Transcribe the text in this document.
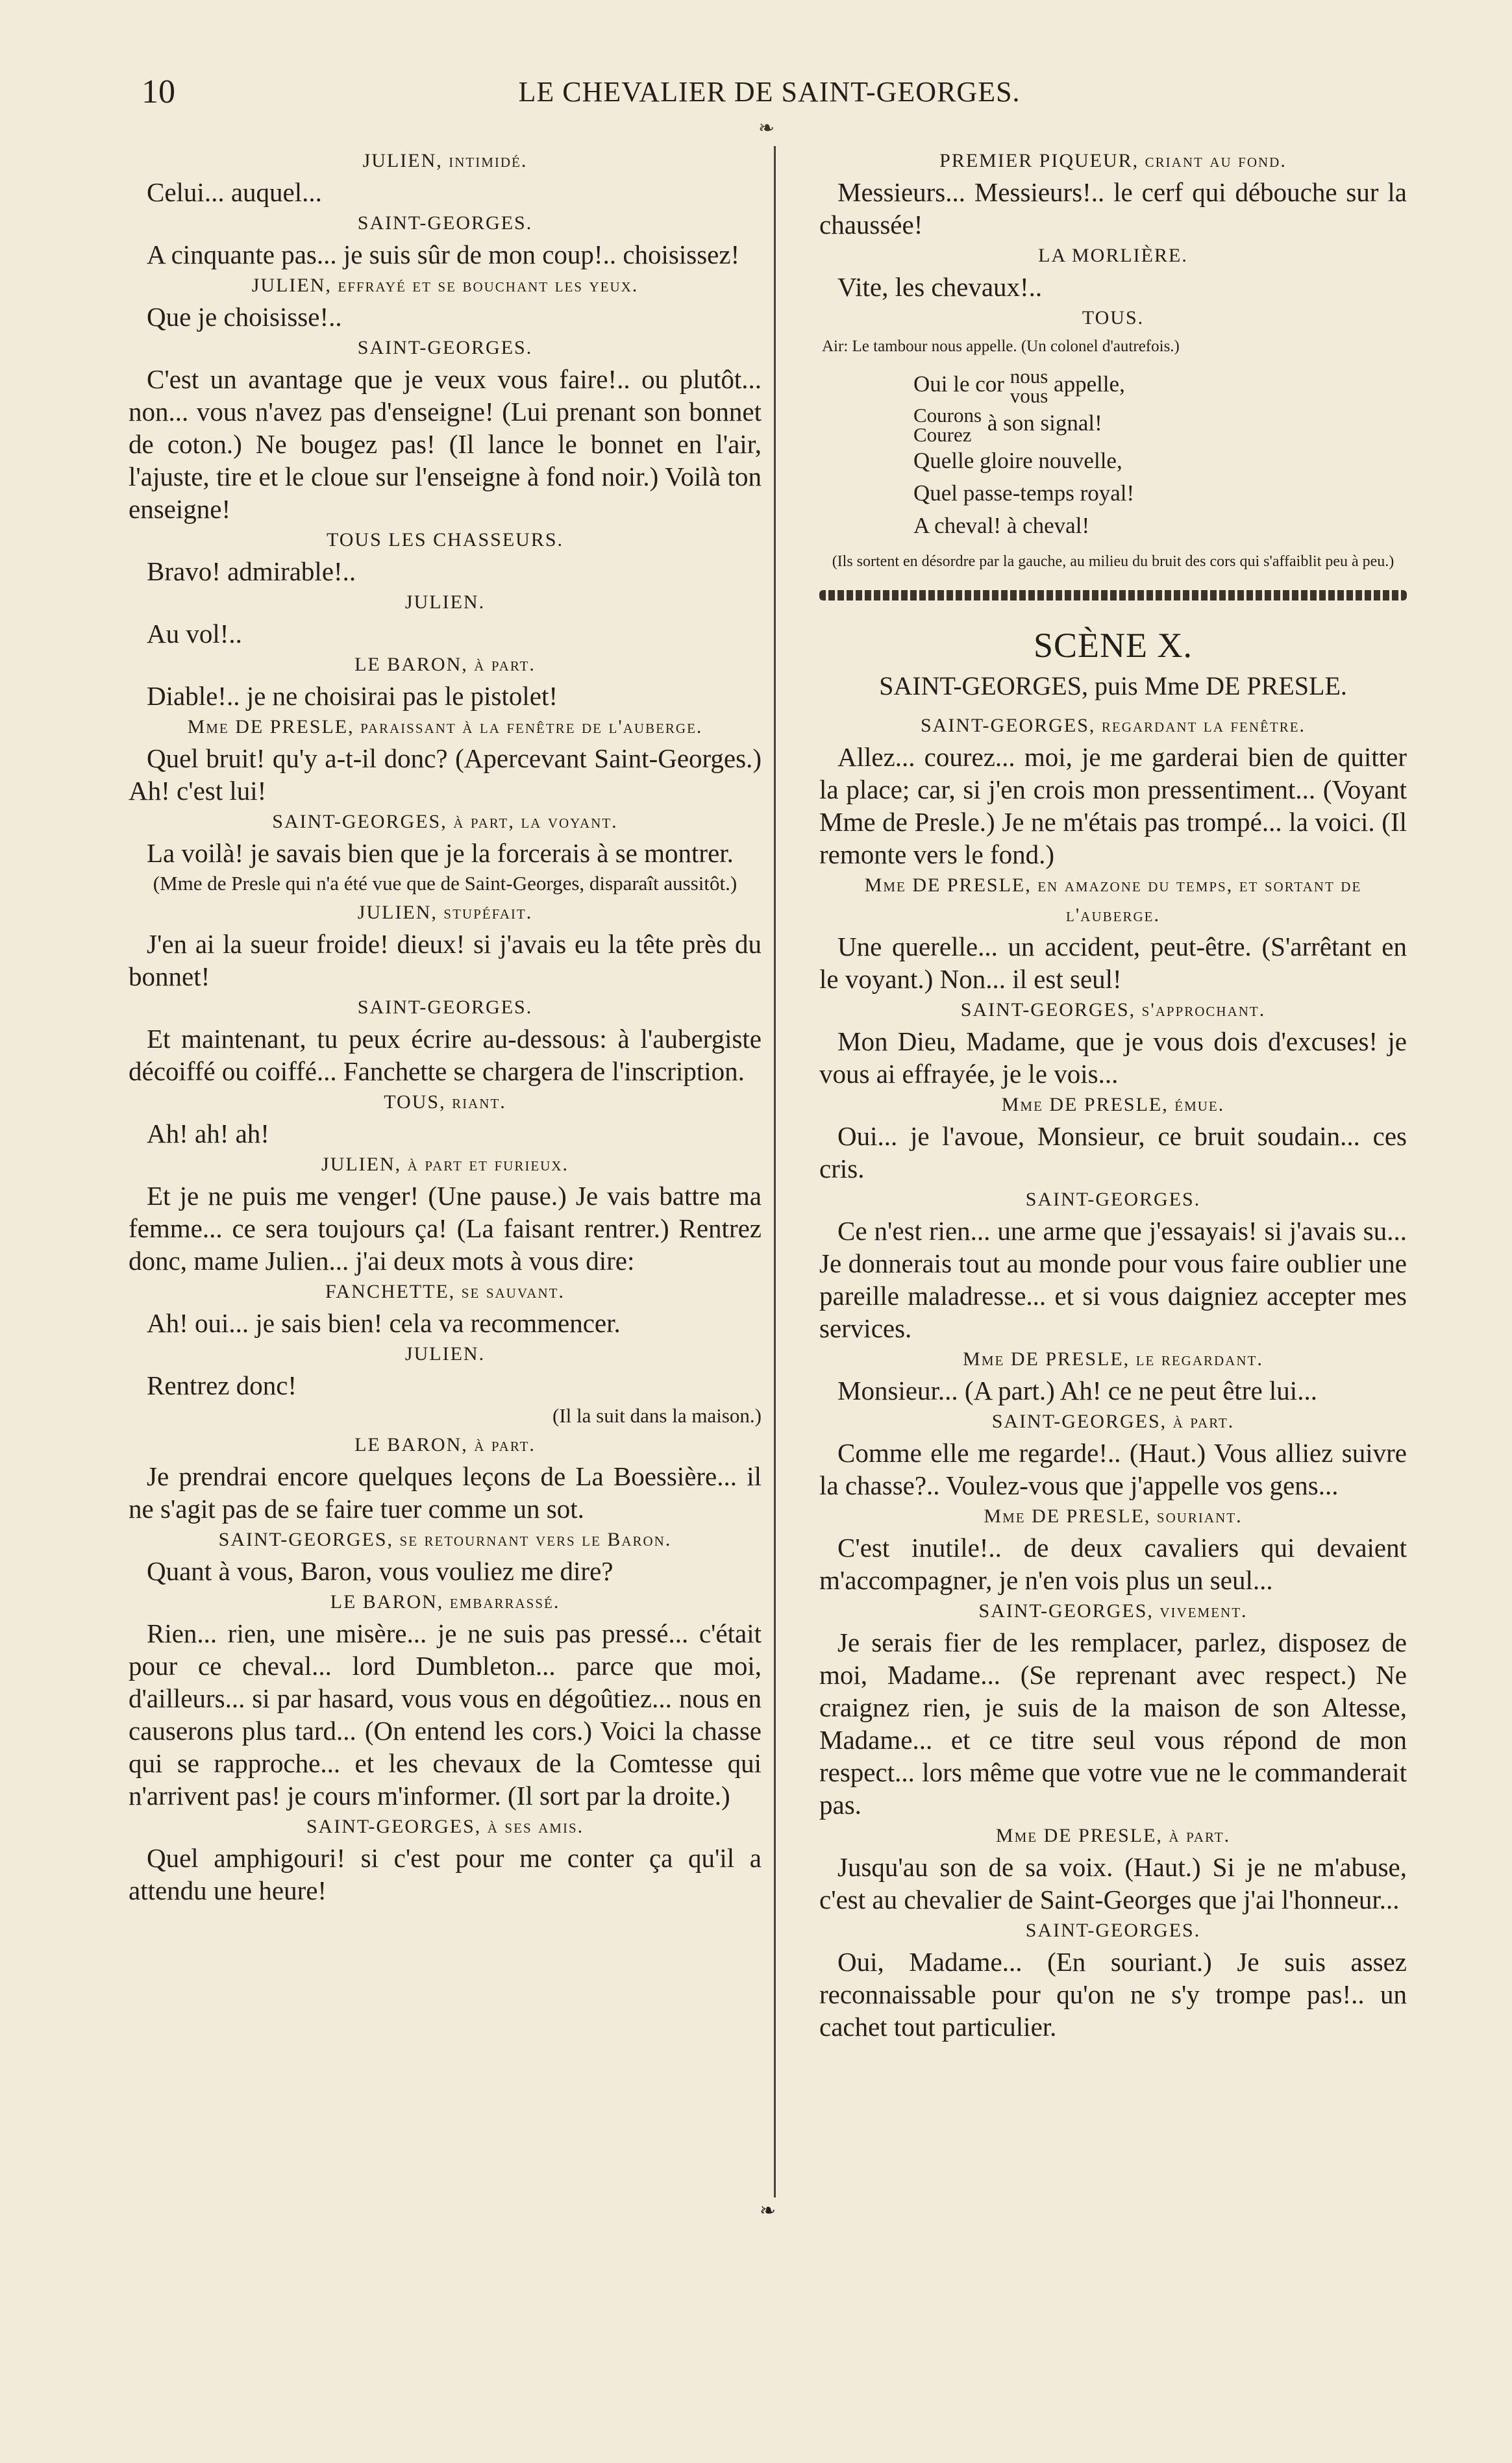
10	LE CHEVALIER DE SAINT-GEORGES.
❧

JULIEN, intimidé.

Celui... auquel...

SAINT-GEORGES.

A cinquante pas... je suis sûr de mon coup!.. choisissez!

JULIEN, effrayé et se bouchant les yeux.

Que je choisisse!..

SAINT-GEORGES.

C'est un avantage que je veux vous faire!.. ou plutôt... non... vous n'avez pas d'enseigne! (Lui prenant son bonnet de coton.) Ne bougez pas! (Il lance le bonnet en l'air, l'ajuste, tire et le cloue sur l'enseigne à fond noir.) Voilà ton enseigne!

TOUS LES CHASSEURS.

Bravo! admirable!..

JULIEN.

Au vol!..

LE BARON, à part.

Diable!.. je ne choisirai pas le pistolet!

Mme DE PRESLE, paraissant à la fenêtre de l'auberge.

Quel bruit! qu'y a-t-il donc? (Apercevant Saint-Georges.) Ah! c'est lui!

SAINT-GEORGES, à part, la voyant.

La voilà! je savais bien que je la forcerais à se montrer.

(Mme de Presle qui n'a été vue que de Saint-Georges, disparaît aussitôt.)

JULIEN, stupéfait.

J'en ai la sueur froide! dieux! si j'avais eu la tête près du bonnet!

SAINT-GEORGES.

Et maintenant, tu peux écrire au-dessous: à l'aubergiste décoiffé ou coiffé... Fanchette se chargera de l'inscription.

TOUS, riant.

Ah! ah! ah!

JULIEN, à part et furieux.

Et je ne puis me venger! (Une pause.) Je vais battre ma femme... ce sera toujours ça! (La faisant rentrer.) Rentrez donc, mame Julien... j'ai deux mots à vous dire:

FANCHETTE, se sauvant.

Ah! oui... je sais bien! cela va recommencer.

JULIEN.

Rentrez donc!

(Il la suit dans la maison.)

LE BARON, à part.

Je prendrai encore quelques leçons de La Boessière... il ne s'agit pas de se faire tuer comme un sot.

SAINT-GEORGES, se retournant vers le Baron.

Quant à vous, Baron, vous vouliez me dire?

LE BARON, embarrassé.

Rien... rien, une misère... je ne suis pas pressé... c'était pour ce cheval... lord Dumbleton... parce que moi, d'ailleurs... si par hasard, vous vous en dégoûtiez... nous en causerons plus tard... (On entend les cors.) Voici la chasse qui se rapproche... et les chevaux de la Comtesse qui n'arrivent pas! je cours m'informer. (Il sort par la droite.)

SAINT-GEORGES, à ses amis.

Quel amphigouri! si c'est pour me conter ça qu'il a attendu une heure!

PREMIER PIQUEUR, criant au fond.

Messieurs... Messieurs!.. le cerf qui débouche sur la chaussée!

LA MORLIÈRE.

Vite, les chevaux!..

TOUS.

Air: Le tambour nous appelle. (Un colonel d'autrefois.)

Oui le cor nous
vous appelle,
Courons
Courez à son signal!
Quelle gloire nouvelle,
Quel passe-temps royal!
A cheval! à cheval!
(Ils sortent en désordre par la gauche, au milieu du bruit des cors qui s'affaiblit peu à peu.)
SCÈNE X.
SAINT-GEORGES, puis Mme DE PRESLE.

SAINT-GEORGES, regardant la fenêtre.

Allez... courez... moi, je me garderai bien de quitter la place; car, si j'en crois mon pressentiment... (Voyant Mme de Presle.) Je ne m'étais pas trompé... la voici. (Il remonte vers le fond.)

Mme DE PRESLE, en amazone du temps, et sortant de l'auberge.

Une querelle... un accident, peut-être. (S'arrêtant en le voyant.) Non... il est seul!

SAINT-GEORGES, s'approchant.

Mon Dieu, Madame, que je vous dois d'excuses! je vous ai effrayée, je le vois...

Mme DE PRESLE, émue.

Oui... je l'avoue, Monsieur, ce bruit soudain... ces cris.

SAINT-GEORGES.

Ce n'est rien... une arme que j'essayais! si j'avais su... Je donnerais tout au monde pour vous faire oublier une pareille maladresse... et si vous daigniez accepter mes services.

Mme DE PRESLE, le regardant.

Monsieur... (A part.) Ah! ce ne peut être lui...

SAINT-GEORGES, à part.

Comme elle me regarde!.. (Haut.) Vous alliez suivre la chasse?.. Voulez-vous que j'appelle vos gens...

Mme DE PRESLE, souriant.

C'est inutile!.. de deux cavaliers qui devaient m'accompagner, je n'en vois plus un seul...

SAINT-GEORGES, vivement.

Je serais fier de les remplacer, parlez, disposez de moi, Madame... (Se reprenant avec respect.) Ne craignez rien, je suis de la maison de son Altesse, Madame... et ce titre seul vous répond de mon respect... lors même que votre vue ne le commanderait pas.

Mme DE PRESLE, à part.

Jusqu'au son de sa voix. (Haut.) Si je ne m'abuse, c'est au chevalier de Saint-Georges que j'ai l'honneur...

SAINT-GEORGES.

Oui, Madame... (En souriant.) Je suis assez reconnaissable pour qu'on ne s'y trompe pas!.. un cachet tout particulier.

❧
